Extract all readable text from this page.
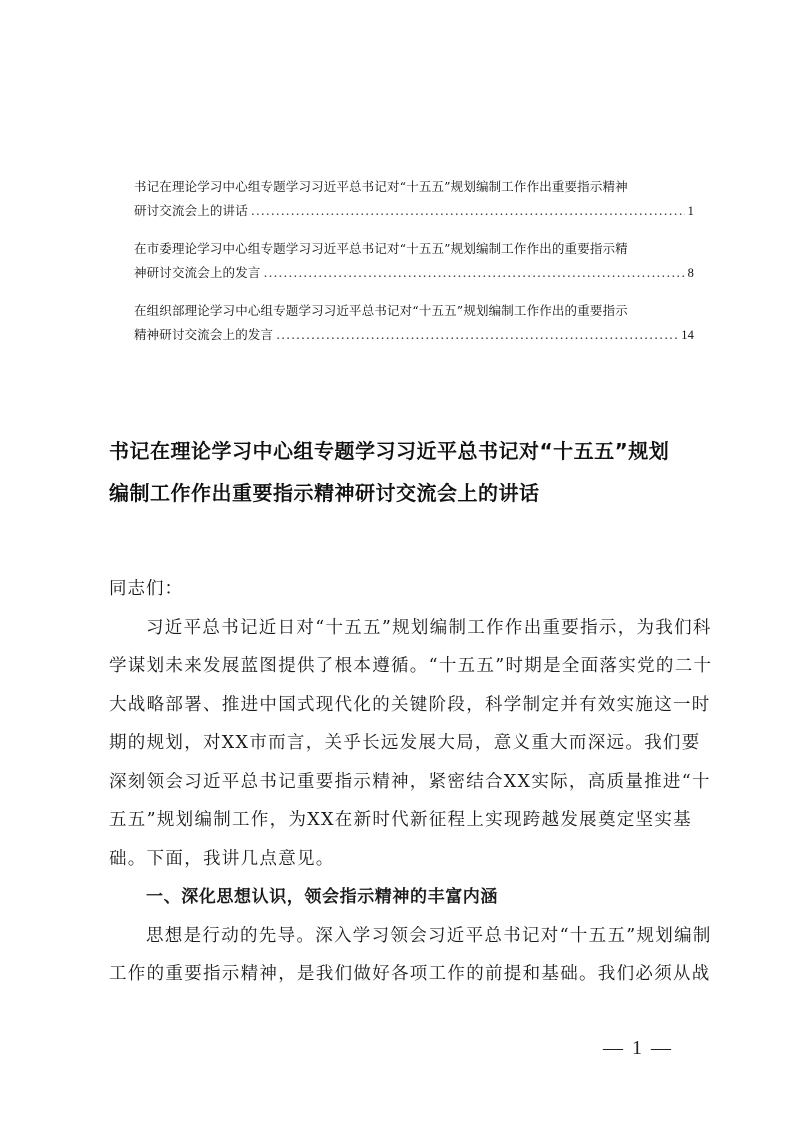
书记在理论学习中心组专题学习习近平总书记对“十五五”规划编制工作作出重要指示精神
研讨交流会上的讲话 .....	1
在市委理论学习中心组专题学习习近平总书记对“十五五”规划编制工作作出的重要指示精
神研讨交流会上的发言 .....	8
在组织部理论学习中心组专题学习习近平总书记对“十五五”规划编制工作作出的重要指示
精神研讨交流会上的发言 .....	14
书记在理论学习中心组专题学习习近平总书记对“十五五”规划
编制工作作出重要指示精神研讨交流会上的讲话
同志们：
习近平总书记近日对“十五五”规划编制工作作出重要指示，为我们科
学谋划未来发展蓝图提供了根本遵循。“十五五”时期是全面落实党的二十
大战略部署、推进中国式现代化的关键阶段，科学制定并有效实施这一时
期的规划，对XX市而言，关乎长远发展大局，意义重大而深远。我们要
深刻领会习近平总书记重要指示精神，紧密结合XX实际，高质量推进“十
五五”规划编制工作，为XX在新时代新征程上实现跨越发展奠定坚实基
础。下面，我讲几点意见。
一、深化思想认识，领会指示精神的丰富内涵
思想是行动的先导。深入学习领会习近平总书记对“十五五”规划编制
工作的重要指示精神，是我们做好各项工作的前提和基础。我们必须从战
— 1 —
